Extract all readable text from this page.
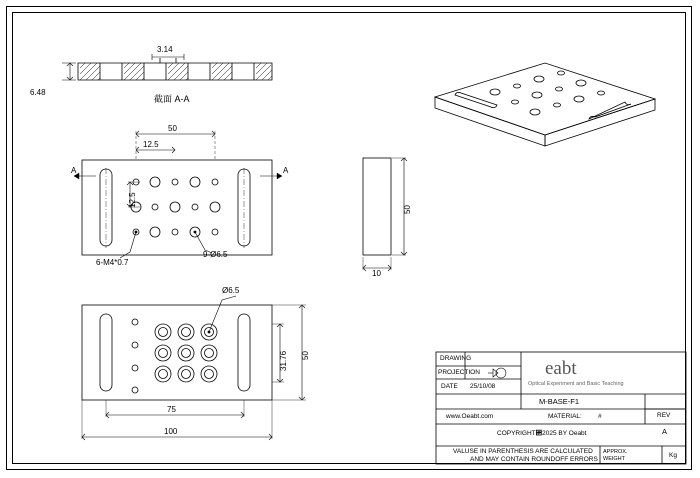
3.14
6.48
截面 A-A
A	A
50
12.5
12.5
6-M4*0.7
9-Ø6.5
50
10
Ø6.5
31.76 50
75
100
DRAWING
PROJECTION
DATE 25/10/08
eabt
Optical Experiment and Basic Teaching
M-BASE-F1
www.Oeabt.com	MATERIAL: #	REV
A
COPYRIGHT␲2025 BY Oeabt
VALUSE IN PARENTHESIS ARE CALCULATED
AND MAY CONTAIN ROUNDOFF ERRORS
APPROX.
WEIGHT	Kg
